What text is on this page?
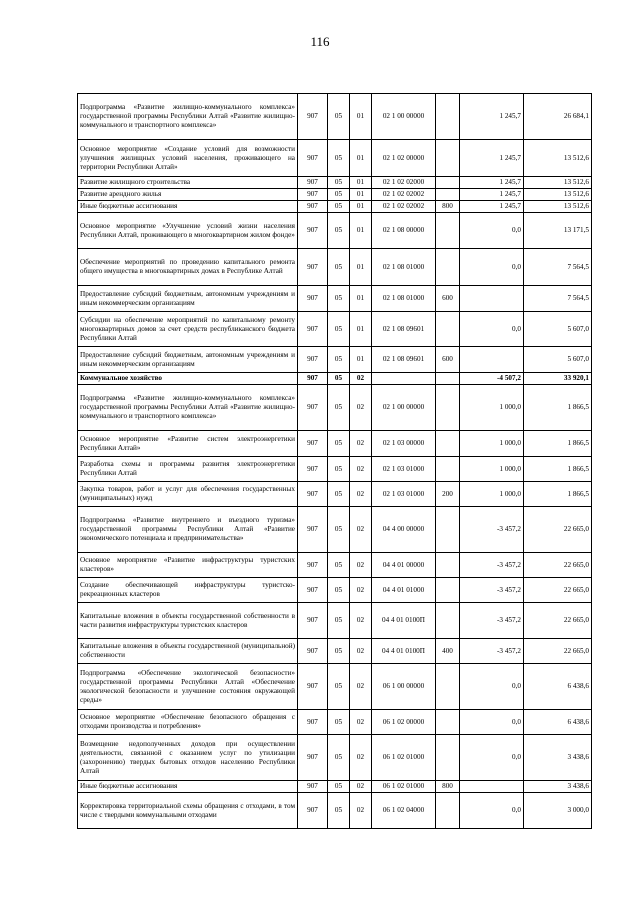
116
Подпрограмма «Развитие жилищно-коммунального комплекса» государственной программы Республики Алтай «Развитие жилищно-коммунального и транспортного комплекса»	907	05	01	02 1 00 00000		1 245,7	26 684,1
Основное мероприятие «Создание условий для возможности улучшения жилищных условий населения, проживающего на территории Республики Алтай»	907	05	01	02 1 02 00000		1 245,7	13 512,6
Развитие жилищного строительства	907	05	01	02 1 02 02000		1 245,7	13 512,6
Развитие арендного жилья	907	05	01	02 1 02 02002		1 245,7	13 512,6
Иные бюджетные ассигнования	907	05	01	02 1 02 02002	800	1 245,7	13 512,6
Основное мероприятие «Улучшение условий жизни населения Республики Алтай, проживающего в многоквартирном жилом фонде»	907	05	01	02 1 08 00000		0,0	13 171,5
Обеспечение мероприятий по проведению капитального ремонта общего имущества в многоквартирных домах в Республике Алтай	907	05	01	02 1 08 01000		0,0	7 564,5
Предоставление субсидий бюджетным, автономным учреждениям и иным некоммерческим организациям	907	05	01	02 1 08 01000	600		7 564,5
Субсидии на обеспечение мероприятий по капитальному ремонту многоквартирных домов за счет средств республиканского бюджета Республики Алтай	907	05	01	02 1 08 09601		0,0	5 607,0
Предоставление субсидий бюджетным, автономным учреждениям и иным некоммерческим организациям	907	05	01	02 1 08 09601	600		5 607,0
Коммунальное хозяйство	907	05	02			-4 507,2	33 920,1
Подпрограмма «Развитие жилищно-коммунального комплекса» государственной программы Республики Алтай «Развитие жилищно-коммунального и транспортного комплекса»	907	05	02	02 1 00 00000		1 000,0	1 866,5
Основное мероприятие «Развитие систем электроэнергетики Республики Алтай»	907	05	02	02 1 03 00000		1 000,0	1 866,5
Разработка схемы и программы развития электроэнергетики Республики Алтай	907	05	02	02 1 03 01000		1 000,0	1 866,5
Закупка товаров, работ и услуг для обеспечения государственных (муниципальных) нужд	907	05	02	02 1 03 01000	200	1 000,0	1 866,5
Подпрограмма «Развитие внутреннего и въездного туризма» государственной программы Республики Алтай «Развитие экономического потенциала и предпринимательства»	907	05	02	04 4 00 00000		-3 457,2	22 665,0
Основное мероприятие «Развитие инфраструктуры туристских кластеров»	907	05	02	04 4 01 00000		-3 457,2	22 665,0
Создание обеспечивающей инфраструктуры туристско-рекреационных кластеров	907	05	02	04 4 01 01000		-3 457,2	22 665,0
Капитальные вложения в объекты государственной собственности в части развития инфраструктуры туристских кластеров	907	05	02	04 4 01 0100П		-3 457,2	22 665,0
Капитальные вложения в объекты государственной (муниципальной) собственности	907	05	02	04 4 01 0100П	400	-3 457,2	22 665,0
Подпрограмма «Обеспечение экологической безопасности» государственной программы Республики Алтай «Обеспечение экологической безопасности и улучшение состояния окружающей среды»	907	05	02	06 1 00 00000		0,0	6 438,6
Основное мероприятие «Обеспечение безопасного обращения с отходами производства и потребления»	907	05	02	06 1 02 00000		0,0	6 438,6
Возмещение недополученных доходов при осуществлении деятельности, связанной с оказанием услуг по утилизации (захоронению) твердых бытовых отходов населению Республики Алтай	907	05	02	06 1 02 01000		0,0	3 438,6
Иные бюджетные ассигнования	907	05	02	06 1 02 01000	800		3 438,6
Корректировка территориальной схемы обращения с отходами, в том числе с твердыми коммунальными отходами	907	05	02	06 1 02 04000		0,0	3 000,0
